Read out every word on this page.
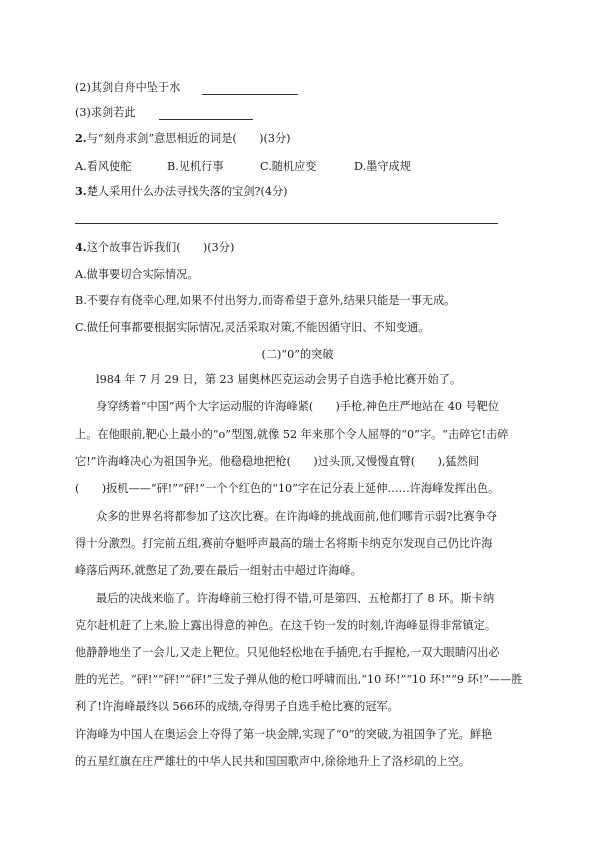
(2)其剑自舟中坠于水
(3)求剑若此
2.与“刻舟求剑”意思相近的词是(　　)(3分)
A.看风使舵	B.见机行事	C.随机应变	D.墨守成规
3.楚人采用什么办法寻找失落的宝剑?(4分)
4.这个故事告诉我们(　　)(3分)
A.做事要切合实际情况。
B.不要存有侥幸心理,如果不付出努力,而寄希望于意外,结果只能是一事无成。
C.做任何事都要根据实际情况,灵活采取对策,不能因循守旧、不知变通。
(二)“0”的突破
l984 年 7 月 29 日，第 23 届奥林匹克运动会男子自选手枪比赛开始了。
身穿绣着“中国”两个大字运动服的许海峰紧(　　)手枪,神色庄严地站在 40 号靶位
上。在他眼前,靶心上最小的“o”型图,就像 52 年来那个令人屈辱的“0”字。“击碎它!击碎
它!”许海峰决心为祖国争光。他稳稳地把枪(　　)过头顶,又慢慢直臂(　　),猛然间
(　　)扳机——“砰!”“砰!”一个个红色的“10”字在记分表上延伸……许海峰发挥出色。
众多的世界名将都参加了这次比赛。在许海峰的挑战面前,他们哪肯示弱?比赛争夺
得十分激烈。打完前五组,赛前夺魁呼声最高的瑞士名将斯卡纳克尔发现自己仍比许海
峰落后两环,就憋足了劲,要在最后一组射击中超过许海峰。
最后的决战来临了。许海峰前三枪打得不错,可是第四、五枪都打了 8 环。斯卡纳
克尔赶机赶了上来,脸上露出得意的神色。在这千钧一发的时刻,许海峰显得非常镇定。
他静静地坐了一会儿,又走上靶位。只见他轻松地在手插兜,右手握枪,一双大眼睛闪出必
胜的光芒。“砰!”“砰!”“砰!”三发子弹从他的枪口呼啸而出,“10 环!”“10 环!”“9 环!”——胜
利了!许海峰最终以 566环的成绩,夺得男子自选手枪比赛的冠军。
许海峰为中国人在奥运会上夺得了第一块金牌,实现了“0”的突破,为祖国争了光。鲜艳
的五星红旗在庄严雄壮的中华人民共和国国歌声中,徐徐地升上了洛杉矶的上空。
